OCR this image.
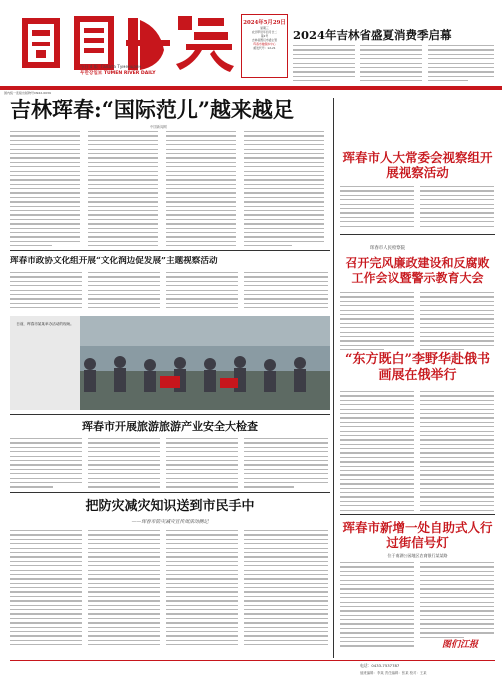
今日 4 版 Галата Туменцзян
두만강일보 TUMEN RIVER DAILY
2024年5月29日
星期三
农历甲辰年四月廿二
第1号
吉林省图们市委主管
珲春市融媒体中心
邮发代号：12-21
2024年吉林省盛夏消费季启幕
国内统一连续出版物号CN22-0039
吉林珲春:“国际范儿”越来越足
中国新闻网
珲春市人大常委会视察组开展视察活动
珲春市人民检察院
召开完风廉政建设和反腐败工作会议暨警示教育大会
“东方既白”李野华赴俄书画展在俄举行
珲春市新增一处自助式人行过街信号灯
位于南湖公园地区农商银行某某路
珲春市政协文化组开展“文化润边促发展”主题视察活动
日前，珲春市某某举办活动的现场。
珲春市开展旅游旅游产业安全大检查
把防灾减灾知识送到市民手中
——珲春市防灾减灾宣传周活动侧记
图们江报
电话：0433-7537787
值班编辑：李某 责任编辑：张某 校对：王某
